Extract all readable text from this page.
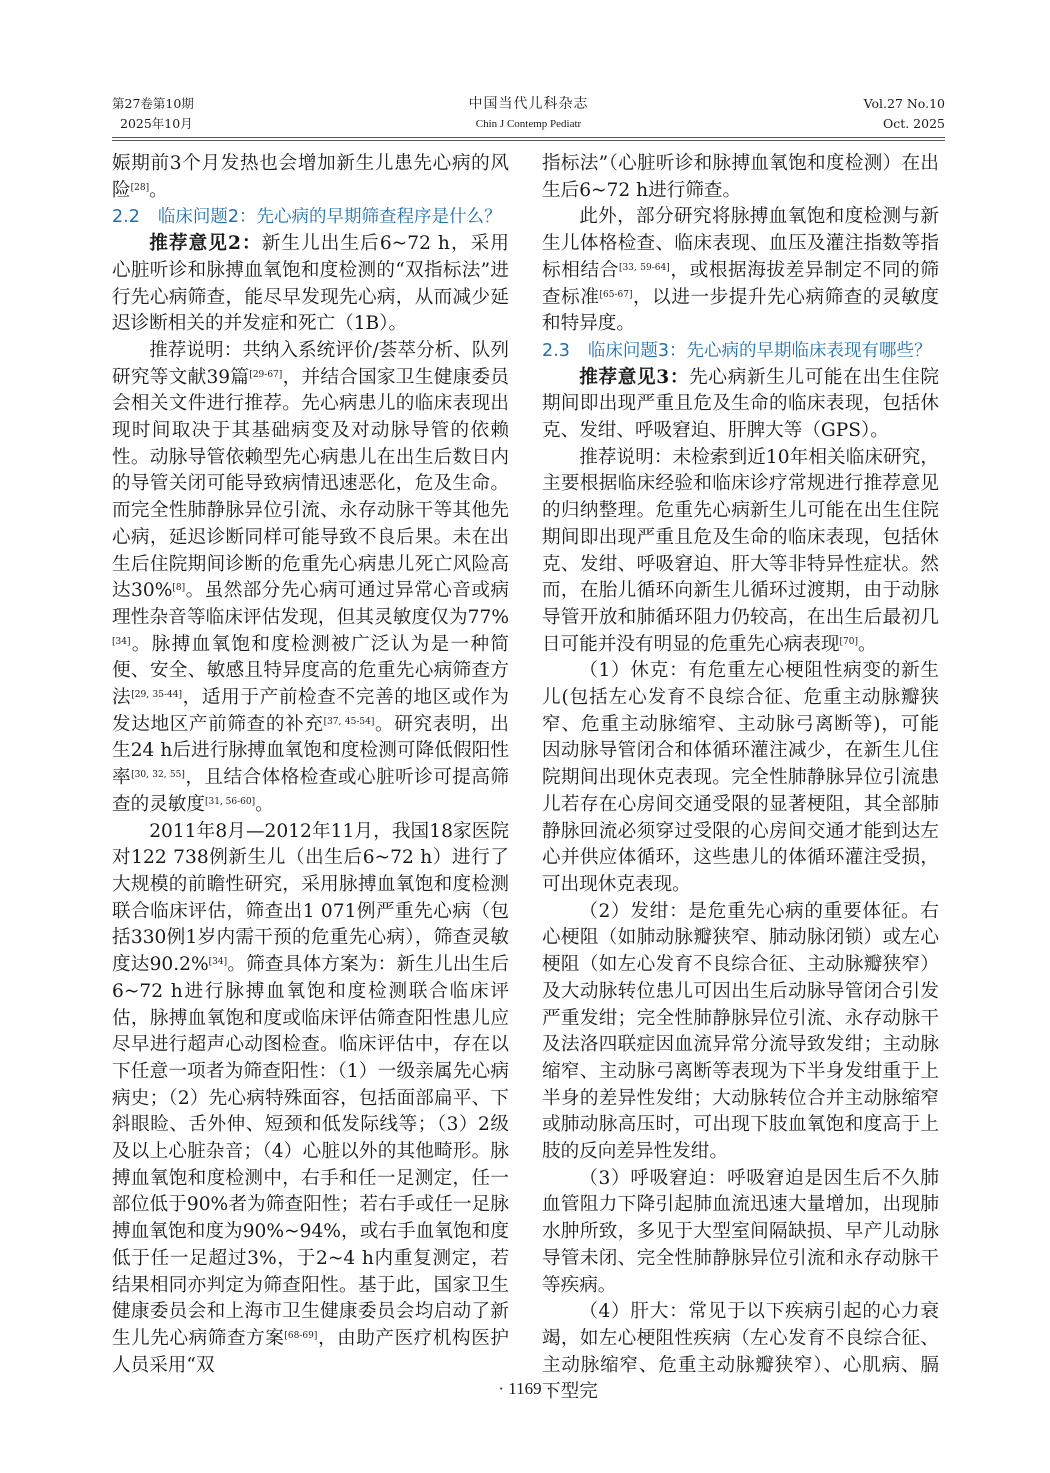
第27卷第10期
2025年10月
中国当代儿科杂志
Chin J Contemp Pediatr
Vol.27 No.10
Oct. 2025

娠期前3个月发热也会增加新生儿患先心病的风险[28]。

2.2 临床问题2：先心病的早期筛查程序是什么？

推荐意见2：新生儿出生后6~72 h，采用心脏听诊和脉搏血氧饱和度检测的“双指标法”进行先心病筛查，能尽早发现先心病，从而减少延迟诊断相关的并发症和死亡（1B）。

推荐说明：共纳入系统评价/荟萃分析、队列研究等文献39篇[29-67]，并结合国家卫生健康委员会相关文件进行推荐。先心病患儿的临床表现出现时间取决于其基础病变及对动脉导管的依赖性。动脉导管依赖型先心病患儿在出生后数日内的导管关闭可能导致病情迅速恶化，危及生命。而完全性肺静脉异位引流、永存动脉干等其他先心病，延迟诊断同样可能导致不良后果。未在出生后住院期间诊断的危重先心病患儿死亡风险高达30%[8]。虽然部分先心病可通过异常心音或病理性杂音等临床评估发现，但其灵敏度仅为77%[34]。脉搏血氧饱和度检测被广泛认为是一种简便、安全、敏感且特异度高的危重先心病筛查方法[29, 35-44]，适用于产前检查不完善的地区或作为发达地区产前筛查的补充[37, 45-54]。研究表明，出生24 h后进行脉搏血氧饱和度检测可降低假阳性率[30, 32, 55]，且结合体格检查或心脏听诊可提高筛查的灵敏度[31, 56-60]。

2011年8月—2012年11月，我国18家医院对122 738例新生儿（出生后6~72 h）进行了大规模的前瞻性研究，采用脉搏血氧饱和度检测联合临床评估，筛查出1 071例严重先心病（包括330例1岁内需干预的危重先心病），筛查灵敏度达90.2%[34]。筛查具体方案为：新生儿出生后6~72 h进行脉搏血氧饱和度检测联合临床评估，脉搏血氧饱和度或临床评估筛查阳性患儿应尽早进行超声心动图检查。临床评估中，存在以下任意一项者为筛查阳性：（1）一级亲属先心病病史；（2）先心病特殊面容，包括面部扁平、下斜眼睑、舌外伸、短颈和低发际线等；（3）2级及以上心脏杂音；（4）心脏以外的其他畸形。脉搏血氧饱和度检测中，右手和任一足测定，任一部位低于90%者为筛查阳性；若右手或任一足脉搏血氧饱和度为90%~94%，或右手血氧饱和度低于任一足超过3%，于2~4 h内重复测定，若结果相同亦判定为筛查阳性。基于此，国家卫生健康委员会和上海市卫生健康委员会均启动了新生儿先心病筛查方案[68-69]，由助产医疗机构医护人员采用“双

指标法”（心脏听诊和脉搏血氧饱和度检测）在出生后6~72 h进行筛查。

此外，部分研究将脉搏血氧饱和度检测与新生儿体格检查、临床表现、血压及灌注指数等指标相结合[33, 59-64]，或根据海拔差异制定不同的筛查标准[65-67]，以进一步提升先心病筛查的灵敏度和特异度。

2.3 临床问题3：先心病的早期临床表现有哪些？

推荐意见3：先心病新生儿可能在出生住院期间即出现严重且危及生命的临床表现，包括休克、发绀、呼吸窘迫、肝脾大等（GPS）。

推荐说明：未检索到近10年相关临床研究，主要根据临床经验和临床诊疗常规进行推荐意见的归纳整理。危重先心病新生儿可能在出生住院期间即出现严重且危及生命的临床表现，包括休克、发绀、呼吸窘迫、肝大等非特异性症状。然而，在胎儿循环向新生儿循环过渡期，由于动脉导管开放和肺循环阻力仍较高，在出生后最初几日可能并没有明显的危重先心病表现[70]。

（1）休克：有危重左心梗阻性病变的新生儿(包括左心发育不良综合征、危重主动脉瓣狭窄、危重主动脉缩窄、主动脉弓离断等)，可能因动脉导管闭合和体循环灌注减少，在新生儿住院期间出现休克表现。完全性肺静脉异位引流患儿若存在心房间交通受限的显著梗阻，其全部肺静脉回流必须穿过受限的心房间交通才能到达左心并供应体循环，这些患儿的体循环灌注受损，可出现休克表现。

（2）发绀：是危重先心病的重要体征。右心梗阻（如肺动脉瓣狭窄、肺动脉闭锁）或左心梗阻（如左心发育不良综合征、主动脉瓣狭窄）及大动脉转位患儿可因出生后动脉导管闭合引发严重发绀；完全性肺静脉异位引流、永存动脉干及法洛四联症因血流异常分流导致发绀；主动脉缩窄、主动脉弓离断等表现为下半身发绀重于上半身的差异性发绀；大动脉转位合并主动脉缩窄或肺动脉高压时，可出现下肢血氧饱和度高于上肢的反向差异性发绀。

（3）呼吸窘迫：呼吸窘迫是因生后不久肺血管阻力下降引起肺血流迅速大量增加，出现肺水肿所致，多见于大型室间隔缺损、早产儿动脉导管未闭、完全性肺静脉异位引流和永存动脉干等疾病。

（4）肝大：常见于以下疾病引起的心力衰竭，如左心梗阻性疾病（左心发育不良综合征、主动脉缩窄、危重主动脉瓣狭窄）、心肌病、膈下型完

· 1169 ·
